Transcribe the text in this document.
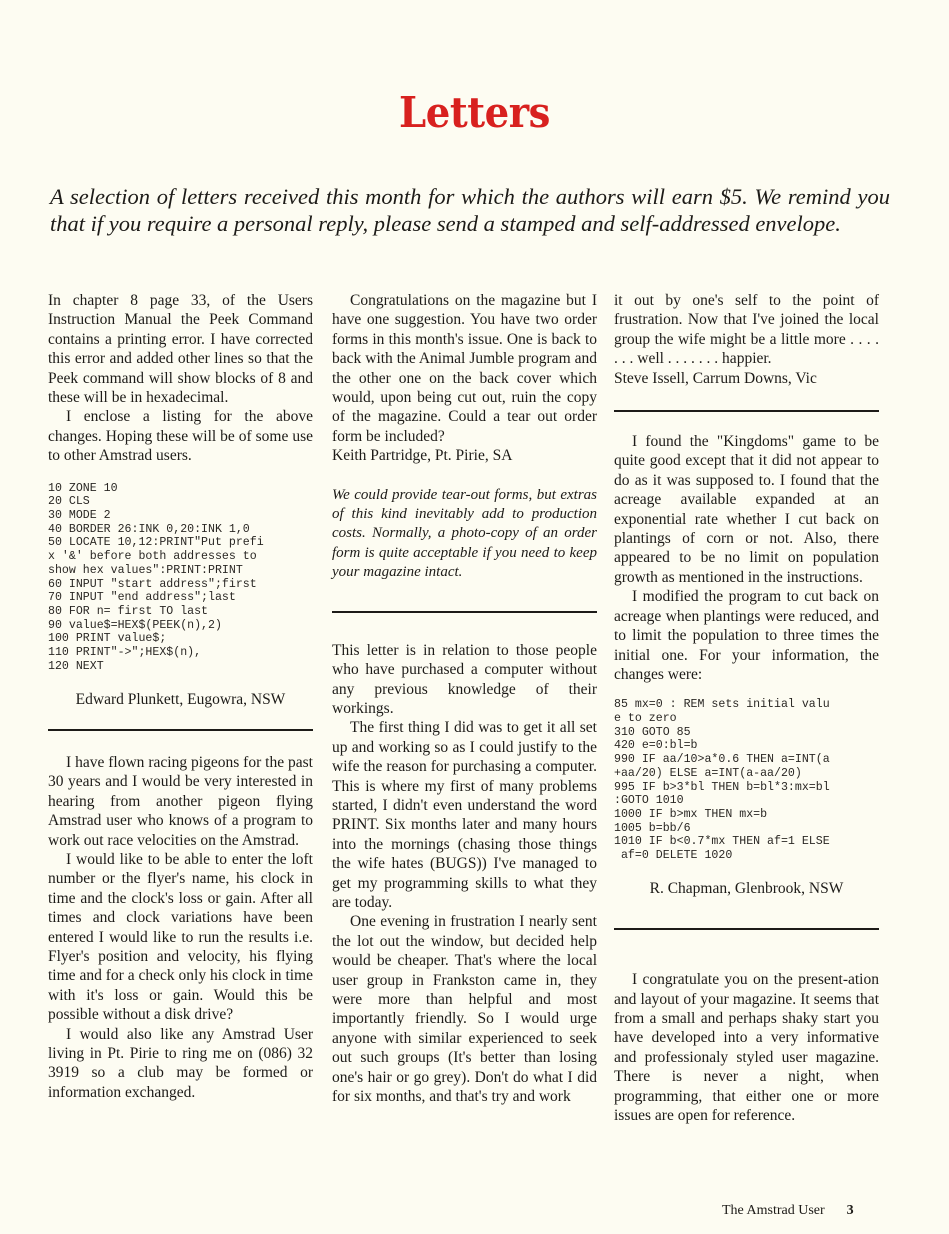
Letters
A selection of letters received this month for which the authors will earn $5. We remind you that if you require a personal reply, please send a stamped and self-addressed envelope.

In chapter 8 page 33, of the Users Instruction Manual the Peek Command contains a printing error. I have corrected this error and added other lines so that the Peek command will show blocks of 8 and these will be in hexadecimal.

I enclose a listing for the above changes. Hoping these will be of some use to other Amstrad users.

10 ZONE 10
20 CLS
30 MODE 2
40 BORDER 26:INK 0,20:INK 1,0
50 LOCATE 10,12:PRINT"Put prefi
x '&' before both addresses to
show hex values":PRINT:PRINT
60 INPUT "start address";first
70 INPUT "end address";last
80 FOR n= first TO last
90 value$=HEX$(PEEK(n),2)
100 PRINT value$;
110 PRINT"->";HEX$(n),
120 NEXT

Edward Plunkett, Eugowra, NSW

I have flown racing pigeons for the past 30 years and I would be very interested in hearing from another pigeon flying Amstrad user who knows of a program to work out race velocities on the Amstrad.

I would like to be able to enter the loft number or the flyer's name, his clock in time and the clock's loss or gain. After all times and clock variations have been entered I would like to run the results i.e. Flyer's position and velocity, his flying time and for a check only his clock in time with it's loss or gain. Would this be possible without a disk drive?

I would also like any Amstrad User living in Pt. Pirie to ring me on (086) 32 3919 so a club may be formed or information exchanged.

Congratulations on the magazine but I have one suggestion. You have two order forms in this month's issue. One is back to back with the Animal Jumble program and the other one on the back cover which would, upon being cut out, ruin the copy of the magazine. Could a tear out order form be included?

Keith Partridge, Pt. Pirie, SA

We could provide tear-out forms, but extras of this kind inevitably add to production costs. Normally, a photo-copy of an order form is quite acceptable if you need to keep your magazine intact.

This letter is in relation to those people who have purchased a computer without any previous knowledge of their workings.

The first thing I did was to get it all set up and working so as I could justify to the wife the reason for purchasing a computer. This is where my first of many problems started, I didn't even understand the word PRINT. Six months later and many hours into the mornings (chasing those things the wife hates (BUGS)) I've managed to get my programming skills to what they are today.

One evening in frustration I nearly sent the lot out the window, but decided help would be cheaper. That's where the local user group in Frankston came in, they were more than helpful and most importantly friendly. So I would urge anyone with similar experienced to seek out such groups (It's better than losing one's hair or go grey). Don't do what I did for six months, and that's try and work

it out by one's self to the point of frustration. Now that I've joined the local group the wife might be a little more . . . . . . . well . . . . . . . happier.

Steve Issell, Carrum Downs, Vic

I found the "Kingdoms" game to be quite good except that it did not appear to do as it was supposed to. I found that the acreage available expanded at an exponential rate whether I cut back on plantings of corn or not. Also, there appeared to be no limit on population growth as mentioned in the instructions.

I modified the program to cut back on acreage when plantings were reduced, and to limit the population to three times the initial one. For your information, the changes were:

85 mx=0 : REM sets initial valu
e to zero
310 GOTO 85
420 e=0:bl=b
990 IF aa/10>a*0.6 THEN a=INT(a
+aa/20) ELSE a=INT(a-aa/20)
995 IF b>3*bl THEN b=bl*3:mx=bl
:GOTO 1010
1000 IF b>mx THEN mx=b
1005 b=bb/6
1010 IF b<0.7*mx THEN af=1 ELSE
af=0 DELETE 1020

R. Chapman, Glenbrook, NSW

I congratulate you on the present-ation and layout of your magazine. It seems that from a small and perhaps shaky start you have developed into a very informative and professionaly styled user magazine. There is never a night, when programming, that either one or more issues are open for reference.

The Amstrad User 3
